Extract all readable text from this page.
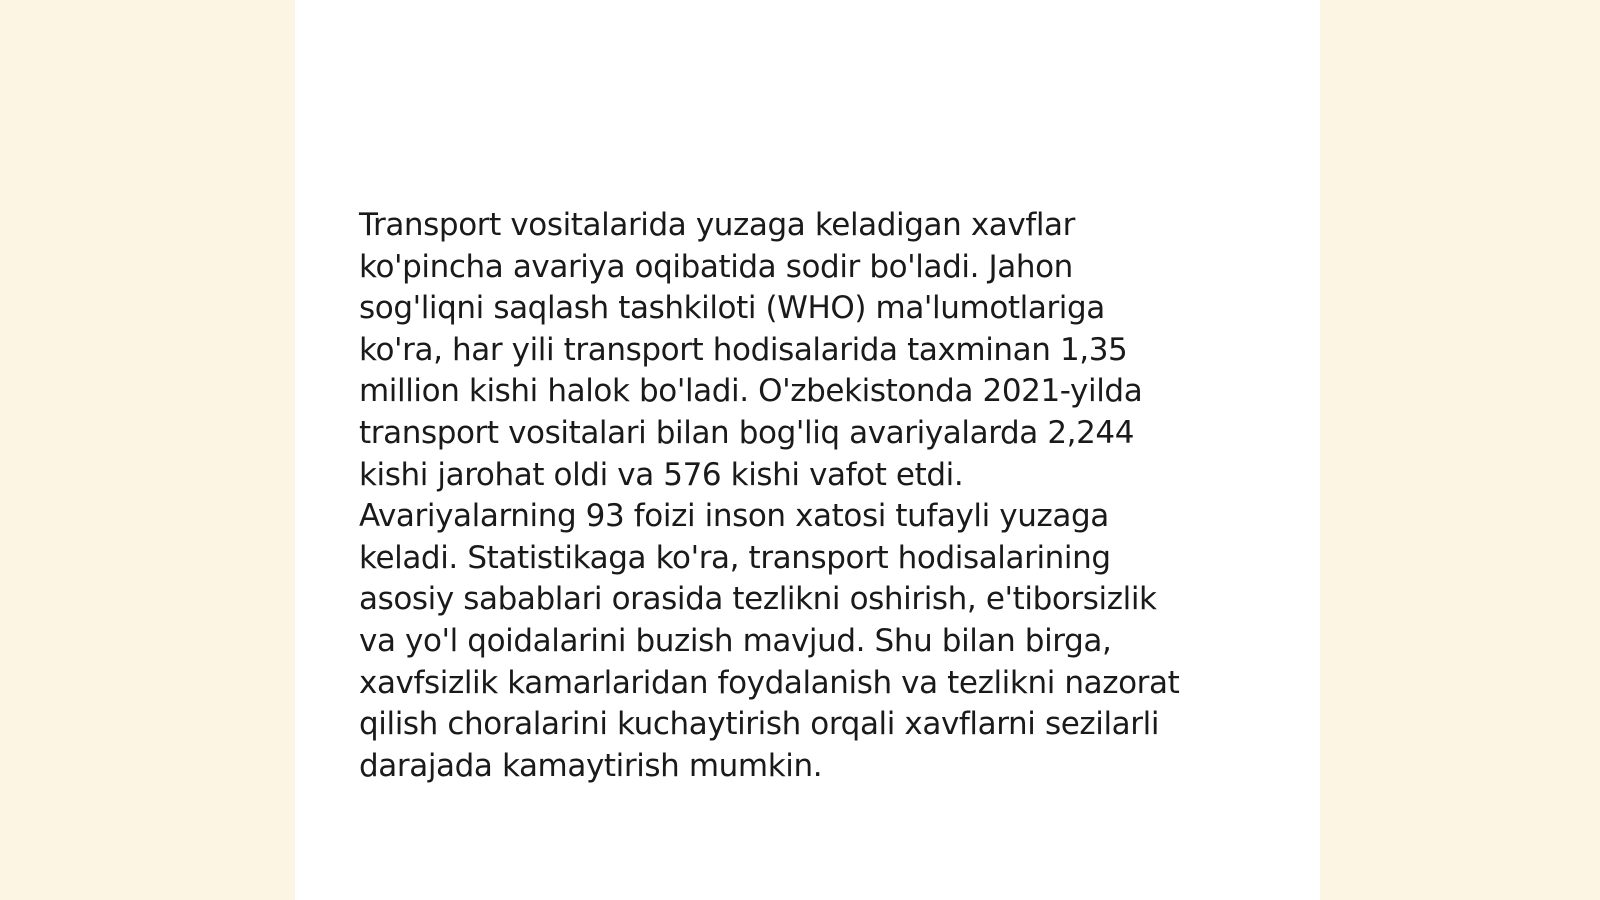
Transport vositalarida yuzaga keladigan xavflar
ko'pincha avariya oqibatida sodir bo'ladi. Jahon
sog'liqni saqlash tashkiloti (WHO) ma'lumotlariga
ko'ra, har yili transport hodisalarida taxminan 1,35
million kishi halok bo'ladi. O'zbekistonda 2021-yilda
transport vositalari bilan bog'liq avariyalarda 2,244
kishi jarohat oldi va 576 kishi vafot etdi.
Avariyalarning 93 foizi inson xatosi tufayli yuzaga
keladi. Statistikaga ko'ra, transport hodisalarining
asosiy sabablari orasida tezlikni oshirish, e'tiborsizlik
va yo'l qoidalarini buzish mavjud. Shu bilan birga,
xavfsizlik kamarlaridan foydalanish va tezlikni nazorat
qilish choralarini kuchaytirish orqali xavflarni sezilarli
darajada kamaytirish mumkin.
